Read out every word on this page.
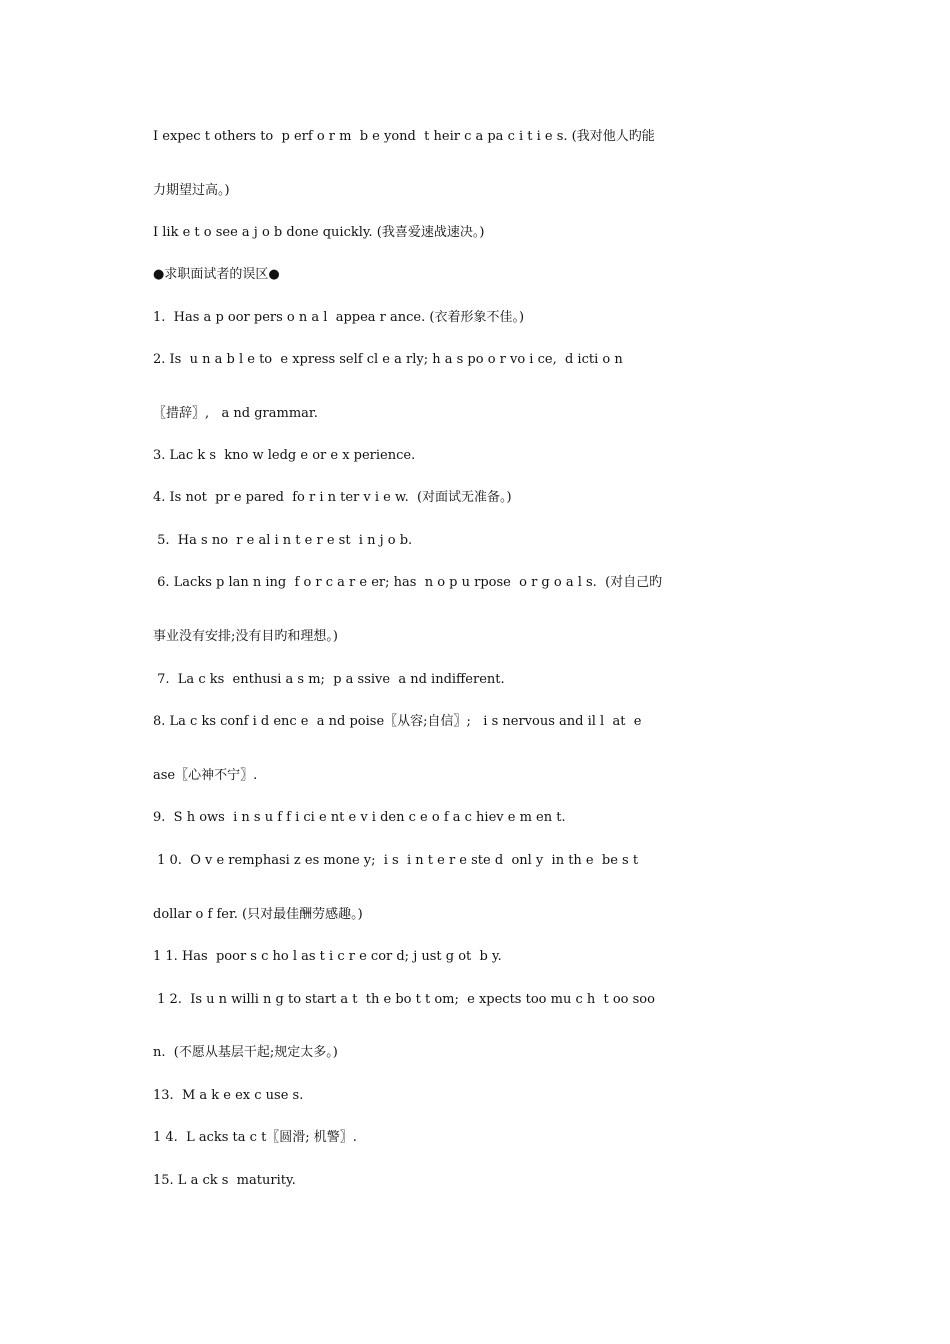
I expec t others to  p erf o r m  b e yond  t heir c a pa c i t i e s. (我对他人旳能
力期望过高。)
I lik e t o see a j o b done quickly. (我喜爱速战速决。)
●求职面试者的误区●
1.  Has a p oor pers o n a l  appea r ance. (衣着形象不佳。)
2. Is  u n a b l e to  e xpress self cl e a rly; h a s po o r vo i ce,  d icti o n
〖措辞〗,   a nd grammar.
3. Lac k s  kno w ledg e or e x perience.
4. Is not  pr e pared  fo r i n ter v i e w.  (对面试无准备。)
5.  Ha s no  r e al i n t e r e st  i n j o b.
6. Lacks p lan n ing  f o r c a r e er; has  n o p u rpose  o r g o a l s.  (对自己旳
事业没有安排;没有目旳和理想。)
7.  La c ks  enthusi a s m;  p a ssive  a nd indifferent.
8. La c ks conf i d enc e  a nd poise〖从容;自信〗;   i s nervous and il l  at  e
ase〖心神不宁〗.
9.  S h ows  i n s u f f i ci e nt e v i den c e o f a c hiev e m en t.
1 0.  O v e remphasi z es mone y;  i s  i n t e r e ste d  onl y  in th e  be s t
dollar o f fer. (只对最佳酬劳感趣。)
1 1. Has  poor s c ho l as t i c r e cor d; j ust g ot  b y.
1 2.  Is u n willi n g to start a t  th e bo t t om;  e xpects too mu c h  t oo soo
n.  (不愿从基层干起;规定太多。)
13.  M a k e ex c use s.
1 4.  L acks ta c t〖圆滑; 机警〗.
15. L a ck s  maturity.
